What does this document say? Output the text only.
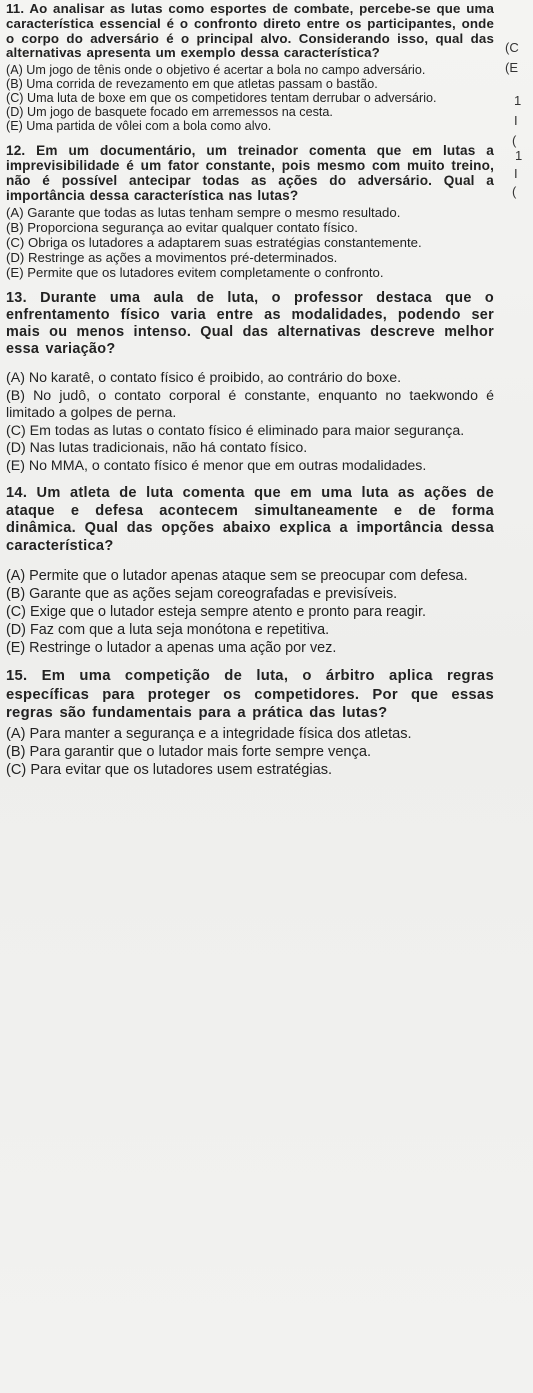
11. Ao analisar as lutas como esportes de combate, percebe-se que uma característica essencial é o confronto direto entre os participantes, onde o corpo do adversário é o principal alvo. Considerando isso, qual das alternativas apresenta um exemplo dessa característica?

(A) Um jogo de tênis onde o objetivo é acertar a bola no campo adversário.

(B) Uma corrida de revezamento em que atletas passam o bastão.

(C) Uma luta de boxe em que os competidores tentam derrubar o adversário.

(D) Um jogo de basquete focado em arremessos na cesta.

(E) Uma partida de vôlei com a bola como alvo.

12. Em um documentário, um treinador comenta que em lutas a imprevisibilidade é um fator constante, pois mesmo com muito treino, não é possível antecipar todas as ações do adversário. Qual a importância dessa característica nas lutas?

(A) Garante que todas as lutas tenham sempre o mesmo resultado.

(B) Proporciona segurança ao evitar qualquer contato físico.

(C) Obriga os lutadores a adaptarem suas estratégias constantemente.

(D) Restringe as ações a movimentos pré-determinados.

(E) Permite que os lutadores evitem completamente o confronto.

13. Durante uma aula de luta, o professor destaca que o enfrentamento físico varia entre as modalidades, podendo ser mais ou menos intenso. Qual das alternativas descreve melhor essa variação?

(A) No karatê, o contato físico é proibido, ao contrário do boxe.

(B) No judô, o contato corporal é constante, enquanto no taekwondo é limitado a golpes de perna.

(C) Em todas as lutas o contato físico é eliminado para maior segurança.

(D) Nas lutas tradicionais, não há contato físico.

(E) No MMA, o contato físico é menor que em outras modalidades.

14. Um atleta de luta comenta que em uma luta as ações de ataque e defesa acontecem simultaneamente e de forma dinâmica. Qual das opções abaixo explica a importância dessa característica?

(A) Permite que o lutador apenas ataque sem se preocupar com defesa.

(B) Garante que as ações sejam coreografadas e previsíveis.

(C) Exige que o lutador esteja sempre atento e pronto para reagir.

(D) Faz com que a luta seja monótona e repetitiva.

(E) Restringe o lutador a apenas uma ação por vez.

15. Em uma competição de luta, o árbitro aplica regras específicas para proteger os competidores. Por que essas regras são fundamentais para a prática das lutas?

(A) Para manter a segurança e a integridade física dos atletas.

(B) Para garantir que o lutador mais forte sempre vença.

(C) Para evitar que os lutadores usem estratégias.

(C
(E
1
I
(
1
I
(
